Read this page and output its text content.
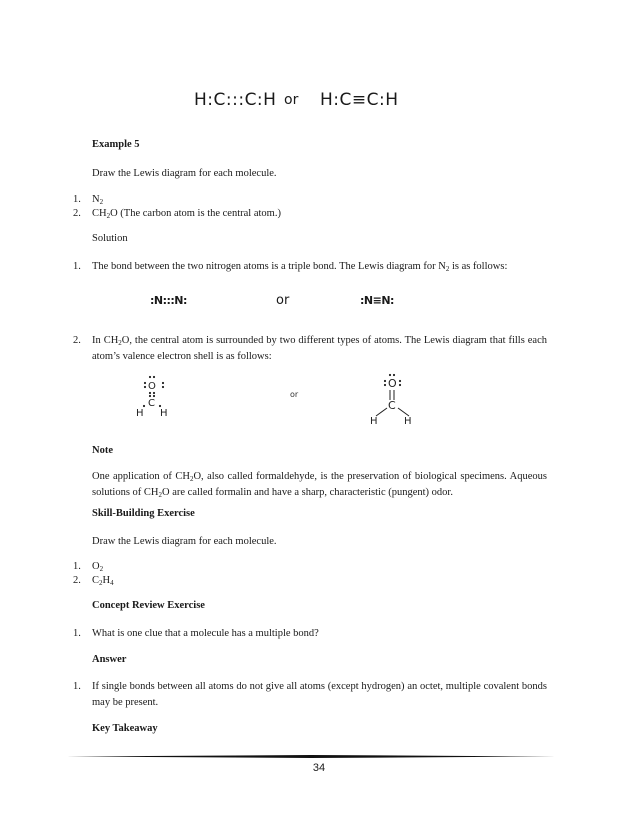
H:C:::C:H or H:C≡C:H
Example 5
Draw the Lewis diagram for each molecule.
1. $N_2$
2. $CH_2O$ (The carbon atom is the central atom.)
Solution
1. The bond between the two nitrogen atoms is a triple bond. The Lewis diagram for $N_2$ is as follows:
:N:::N:	or	:N≡N:
2. In $CH_2O$, the central atom is surrounded by two different types of atoms. The Lewis diagram that fills each atom’s valence electron shell is as follows:
O
C
H H
or
O
C
H	H
Note
One application of $CH_2O$, also called formaldehyde, is the preservation of biological specimens. Aqueous solutions of $CH_2O$ are called formalin and have a sharp, characteristic (pungent) odor.
Skill-Building Exercise
Draw the Lewis diagram for each molecule.
1. $O_2$
2. $C_2H_4$
Concept Review Exercise
1. What is one clue that a molecule has a multiple bond?
Answer
1. If single bonds between all atoms do not give all atoms (except hydrogen) an octet, multiple covalent bonds may be present.
Key Takeaway
34
